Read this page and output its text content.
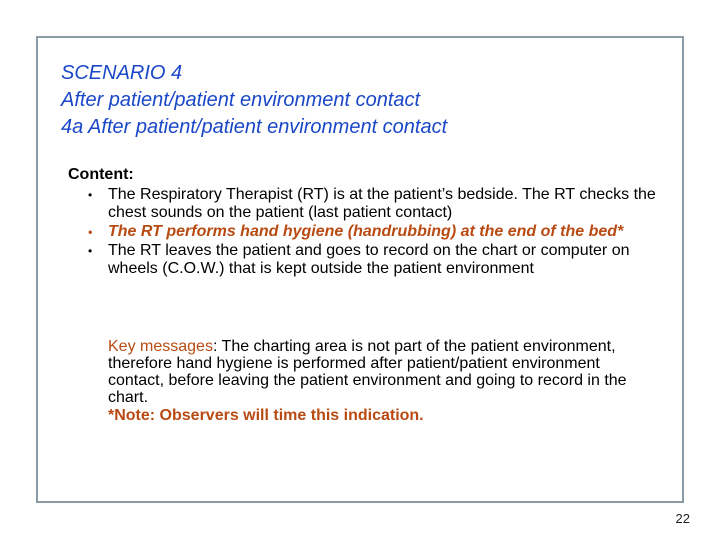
SCENARIO 4
After patient/patient environment contact
4a After patient/patient environment contact
Content:
• The Respiratory Therapist (RT) is at the patient’s bedside. The RT checks the chest sounds on the patient (last patient contact)
• The RT performs hand hygiene (handrubbing) at the end of the bed*
• The RT leaves the patient and goes to record on the chart or computer on wheels (C.O.W.) that is kept outside the patient environment
Key messages: The charting area is not part of the patient environment, therefore hand hygiene is performed after patient/patient environment contact, before leaving the patient environment and going to record in the chart.
*Note: Observers will time this indication.
22
